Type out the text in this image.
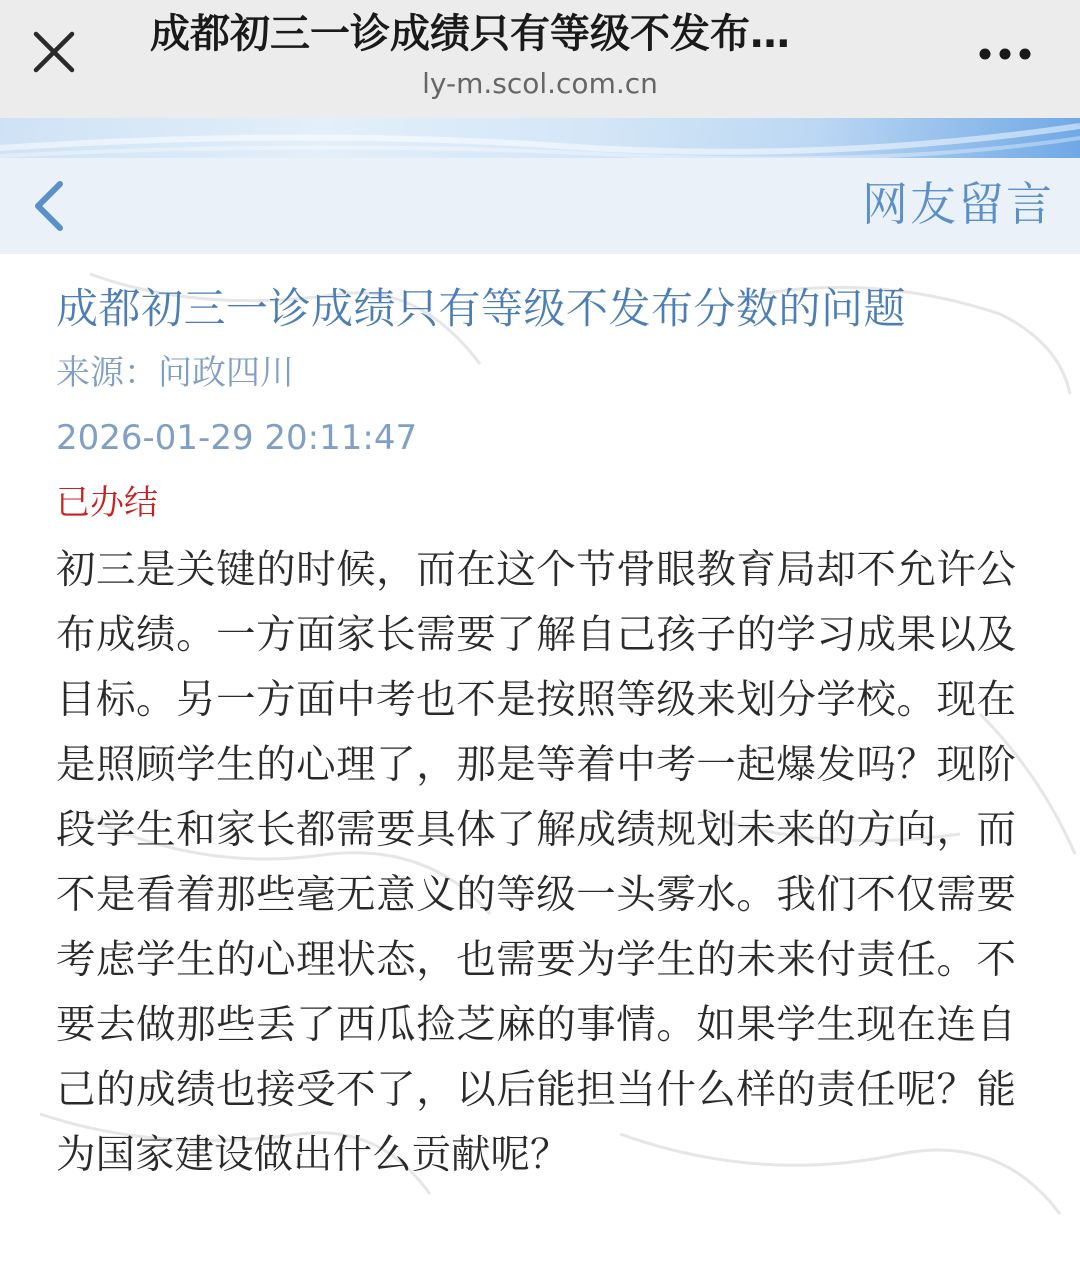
成都初三一诊成绩只有等级不发布…
ly-m.scol.com.cn
网友留言
成都初三一诊成绩只有等级不发布分数的问题
来源：问政四川
2026-01-29 20:11:47
已办结
初三是关键的时候，而在这个节骨眼教育局却不允许公布成绩。一方面家长需要了解自己孩子的学习成果以及目标。另一方面中考也不是按照等级来划分学校。现在是照顾学生的心理了，那是等着中考一起爆发吗？现阶段学生和家长都需要具体了解成绩规划未来的方向，而不是看着那些毫无意义的等级一头雾水。我们不仅需要考虑学生的心理状态，也需要为学生的未来付责任。不要去做那些丢了西瓜捡芝麻的事情。如果学生现在连自己的成绩也接受不了，以后能担当什么样的责任呢？能为国家建设做出什么贡献呢？
